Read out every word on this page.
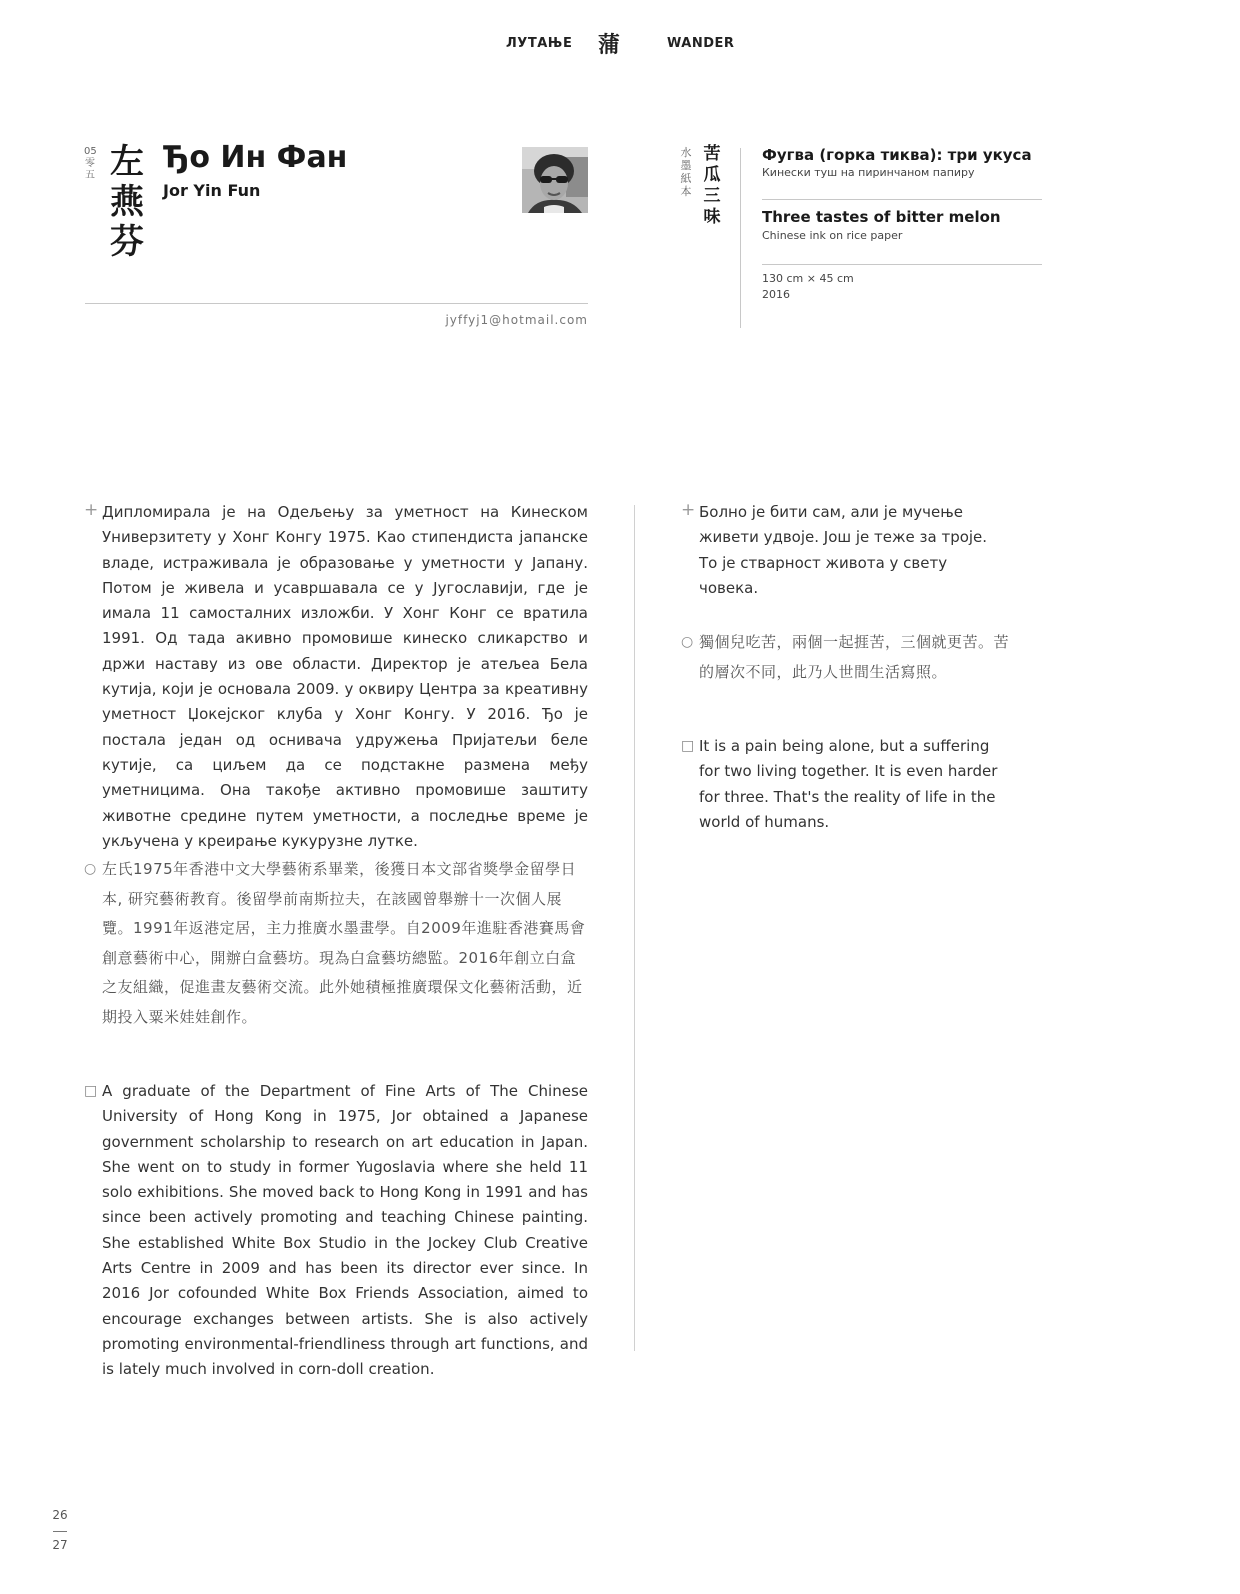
ЛУТАЊЕ 蒲	WANDER
05
零
五 左
燕
芬
Ђо Ин Фан
Jor Yin Fun
jyffyj1@hotmail.com
水
墨
紙
本
苦
瓜
三
味
Фугва (горка тиква): три укуса
Кинески туш на пиринчаном папиру
Three tastes of bitter melon
Chinese ink on rice paper
130 cm × 45 cm
2016
+ Дипломирала је на Одељењу за уметност на Кинеском Универзитету у Хонг Конгу 1975. Као стипендиста јапанске владе, истраживала је образовање у уметности у Јапану. Потом је живела и усавршавала се у Југославији, где је имала 11 самосталних изложби. У Хонг Конг се вратила 1991. Од тада акивно промовише кинеско сликарство и држи наставу из ове области. Директор је атељеа Бела кутија, који је основала 2009. у оквиру Центра за креативну уметност Џокејског клуба у Хонг Конгу. У 2016. Ђо је постала један од оснивача удружења Пријатељи беле кутије, са циљем да се подстакне размена међу уметницима. Она такође активно промовише заштиту животне средине путем уметности, а последње време је укључена у креирање кукурузне лутке.
○ 左氏1975年香港中文大學藝術系畢業，後獲日本文部省獎學金留學日本, 研究藝術教育。後留學前南斯拉夫，在該國曾舉辦十一次個人展覽。1991年返港定居，主力推廣水墨畫學。自2009年進駐香港賽馬會創意藝術中心，開辦白盒藝坊。現為白盒藝坊總監。2016年創立白盒之友組織，促進畫友藝術交流。此外她積極推廣環保文化藝術活動，近期投入粟米娃娃創作。
□ A graduate of the Department of Fine Arts of The Chinese University of Hong Kong in 1975, Jor obtained a Japanese government scholarship to research on art education in Japan. She went on to study in former Yugoslavia where she held 11 solo exhibitions. She moved back to Hong Kong in 1991 and has since been actively promoting and teaching Chinese painting. She established White Box Studio in the Jockey Club Creative Arts Centre in 2009 and has been its director ever since. In 2016 Jor cofounded White Box Friends Association, aimed to encourage exchanges between artists. She is also actively promoting environmental-friendliness through art functions, and is lately much involved in corn-doll creation.
+ Болно је бити сам, али је мучење живети удвоје. Још је теже за троје. То је стварност живота у свету човека.
○ 獨個兒吃苦，兩個一起捱苦，三個就更苦。苦的層次不同，此乃人世間生活寫照。
□ It is a pain being alone, but a suffering for two living together. It is even harder for three. That's the reality of life in the world of humans.
26
27
